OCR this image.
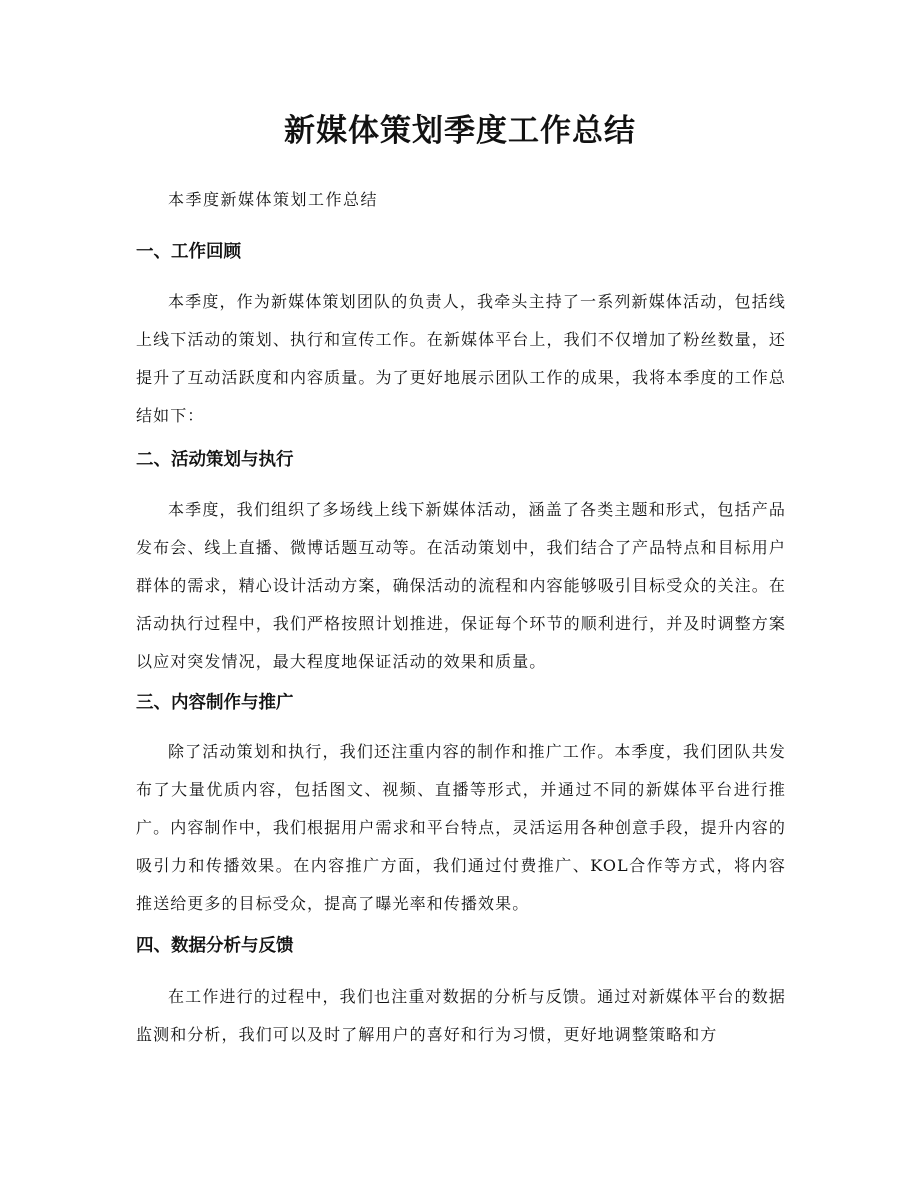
新媒体策划季度工作总结

本季度新媒体策划工作总结

一、工作回顾

本季度，作为新媒体策划团队的负责人，我牵头主持了一系列新媒体活动，包括线上线下活动的策划、执行和宣传工作。在新媒体平台上，我们不仅增加了粉丝数量，还提升了互动活跃度和内容质量。为了更好地展示团队工作的成果，我将本季度的工作总结如下：

二、活动策划与执行

本季度，我们组织了多场线上线下新媒体活动，涵盖了各类主题和形式，包括产品发布会、线上直播、微博话题互动等。在活动策划中，我们结合了产品特点和目标用户群体的需求，精心设计活动方案，确保活动的流程和内容能够吸引目标受众的关注。在活动执行过程中，我们严格按照计划推进，保证每个环节的顺利进行，并及时调整方案以应对突发情况，最大程度地保证活动的效果和质量。

三、内容制作与推广

除了活动策划和执行，我们还注重内容的制作和推广工作。本季度，我们团队共发布了大量优质内容，包括图文、视频、直播等形式，并通过不同的新媒体平台进行推广。内容制作中，我们根据用户需求和平台特点，灵活运用各种创意手段，提升内容的吸引力和传播效果。在内容推广方面，我们通过付费推广、KOL合作等方式，将内容推送给更多的目标受众，提高了曝光率和传播效果。

四、数据分析与反馈

在工作进行的过程中，我们也注重对数据的分析与反馈。通过对新媒体平台的数据监测和分析，我们可以及时了解用户的喜好和行为习惯，更好地调整策略和方
